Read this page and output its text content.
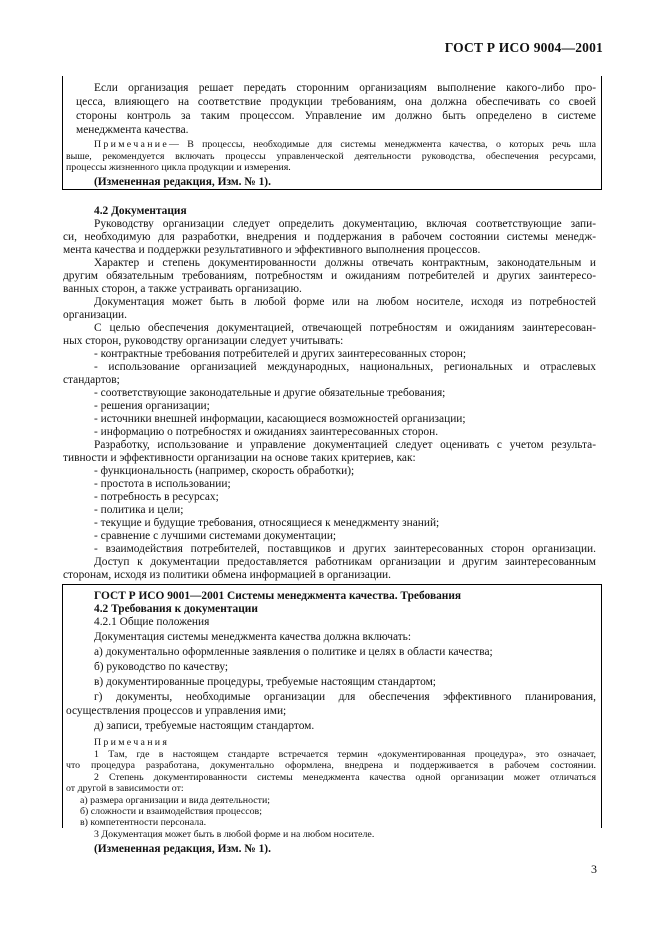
ГОСТ Р ИСО 9004—2001
Если организация решает передать сторонним организациям выполнение какого-либо про-
цесса, влияющего на соответствие продукции требованиям, она должна обеспечивать со своей
стороны контроль за таким процессом. Управление им должно быть определено в системе
менеджмента качества.
Примечание — В процессы, необходимые для системы менеджмента качества, о которых речь шла
выше, рекомендуется включать процессы управленческой деятельности руководства, обеспечения ресурсами,
процессы жизненного цикла продукции и измерения.
(Измененная редакция, Изм. № 1).
4.2 Документация
Руководству организации следует определить документацию, включая соответствующие запи-
си, необходимую для разработки, внедрения и поддержания в рабочем состоянии системы менедж-
мента качества и поддержки результативного и эффективного выполнения процессов.
Характер и степень документированности должны отвечать контрактным, законодательным и
другим обязательным требованиям, потребностям и ожиданиям потребителей и других заинтересо-
ванных сторон, а также устраивать организацию.
Документация может быть в любой форме или на любом носителе, исходя из потребностей
организации.
С целью обеспечения документацией, отвечающей потребностям и ожиданиям заинтересован-
ных сторон, руководству организации следует учитывать:
- контрактные требования потребителей и других заинтересованных сторон;
- использование организацией международных, национальных, региональных и отраслевых
стандартов;
- соответствующие законодательные и другие обязательные требования;
- решения организации;
- источники внешней информации, касающиеся возможностей организации;
- информацию о потребностях и ожиданиях заинтересованных сторон.
Разработку, использование и управление документацией следует оценивать с учетом результа-
тивности и эффективности организации на основе таких критериев, как:
- функциональность (например, скорость обработки);
- простота в использовании;
- потребность в ресурсах;
- политика и цели;
- текущие и будущие требования, относящиеся к менеджменту знаний;
- сравнение с лучшими системами документации;
- взаимодействия потребителей, поставщиков и других заинтересованных сторон организации.
Доступ к документации предоставляется работникам организации и другим заинтересованным
сторонам, исходя из политики обмена информацией в организации.
ГОСТ Р ИСО 9001—2001 Системы менеджмента качества. Требования
4.2 Требования к документации
4.2.1 Общие положения
Документация системы менеджмента качества должна включать:
а) документально оформленные заявления о политике и целях в области качества;
б) руководство по качеству;
в) документированные процедуры, требуемые настоящим стандартом;
г) документы, необходимые организации для обеспечения эффективного планирования,
осуществления процессов и управления ими;
д) записи, требуемые настоящим стандартом.
Примечания
1 Там, где в настоящем стандарте встречается термин «документированная процедура», это означает,
что процедура разработана, документально оформлена, внедрена и поддерживается в рабочем состоянии.
2 Степень документированности системы менеджмента качества одной организации может отличаться
от другой в зависимости от:
а) размера организации и вида деятельности;
б) сложности и взаимодействия процессов;
в) компетентности персонала.
3 Документация может быть в любой форме и на любом носителе.
(Измененная редакция, Изм. № 1).
3
